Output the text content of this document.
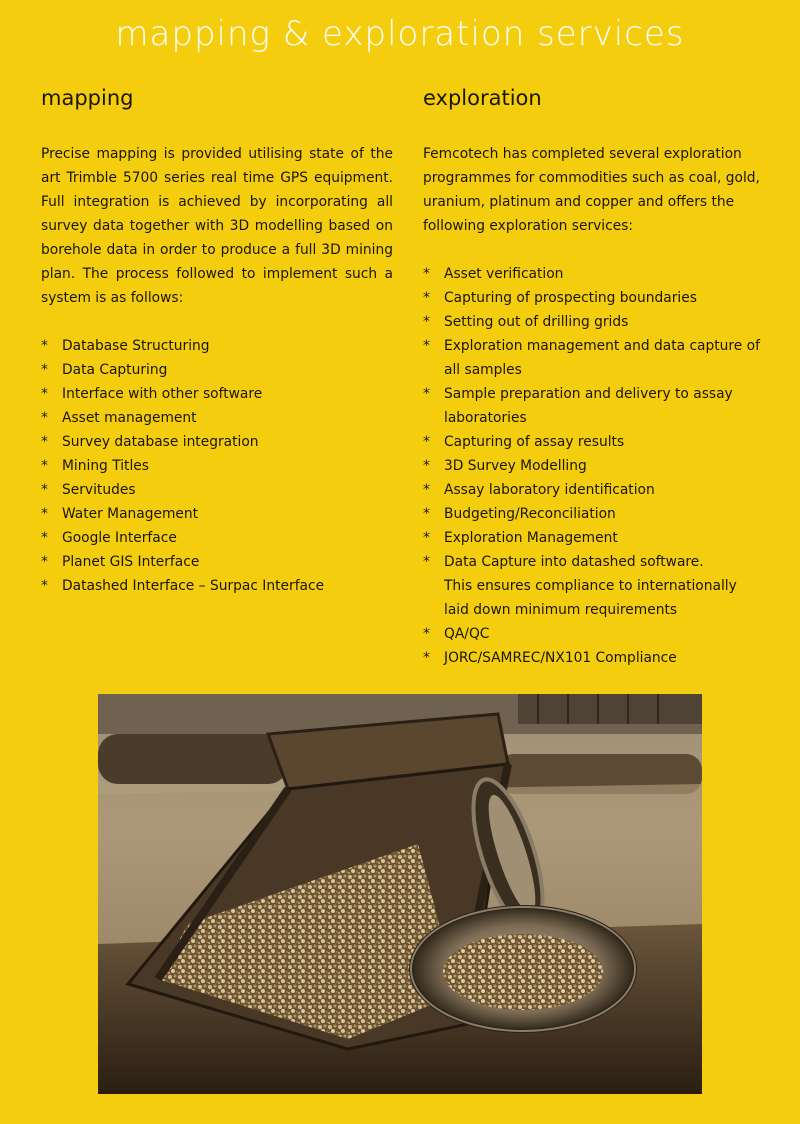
mapping & exploration services
mapping

Precise mapping is provided utilising state of the art Trimble 5700 series real time GPS equipment. Full integration is achieved by incorporating all survey data together with 3D modelling based on borehole data in order to produce a full 3D mining plan. The process followed to implement such a system is as follows:

* Database Structuring
* Data Capturing
* Interface with other software
* Asset management
* Survey database integration
* Mining Titles
* Servitudes
* Water Management
* Google Interface
* Planet GIS Interface
* Datashed Interface – Surpac Interface
exploration

Femcotech has completed several exploration programmes for commodities such as coal, gold, uranium, platinum and copper and offers the following exploration services:

* Asset verification
* Capturing of prospecting boundaries
* Setting out of drilling grids
* Exploration management and data capture of all samples
* Sample preparation and delivery to assay laboratories
* Capturing of assay results
* 3D Survey Modelling
* Assay laboratory identification
* Budgeting/Reconciliation
* Exploration Management
* Data Capture into datashed software.
This ensures compliance to internationally laid down minimum requirements
* QA/QC
* JORC/SAMREC/NX101 Compliance
